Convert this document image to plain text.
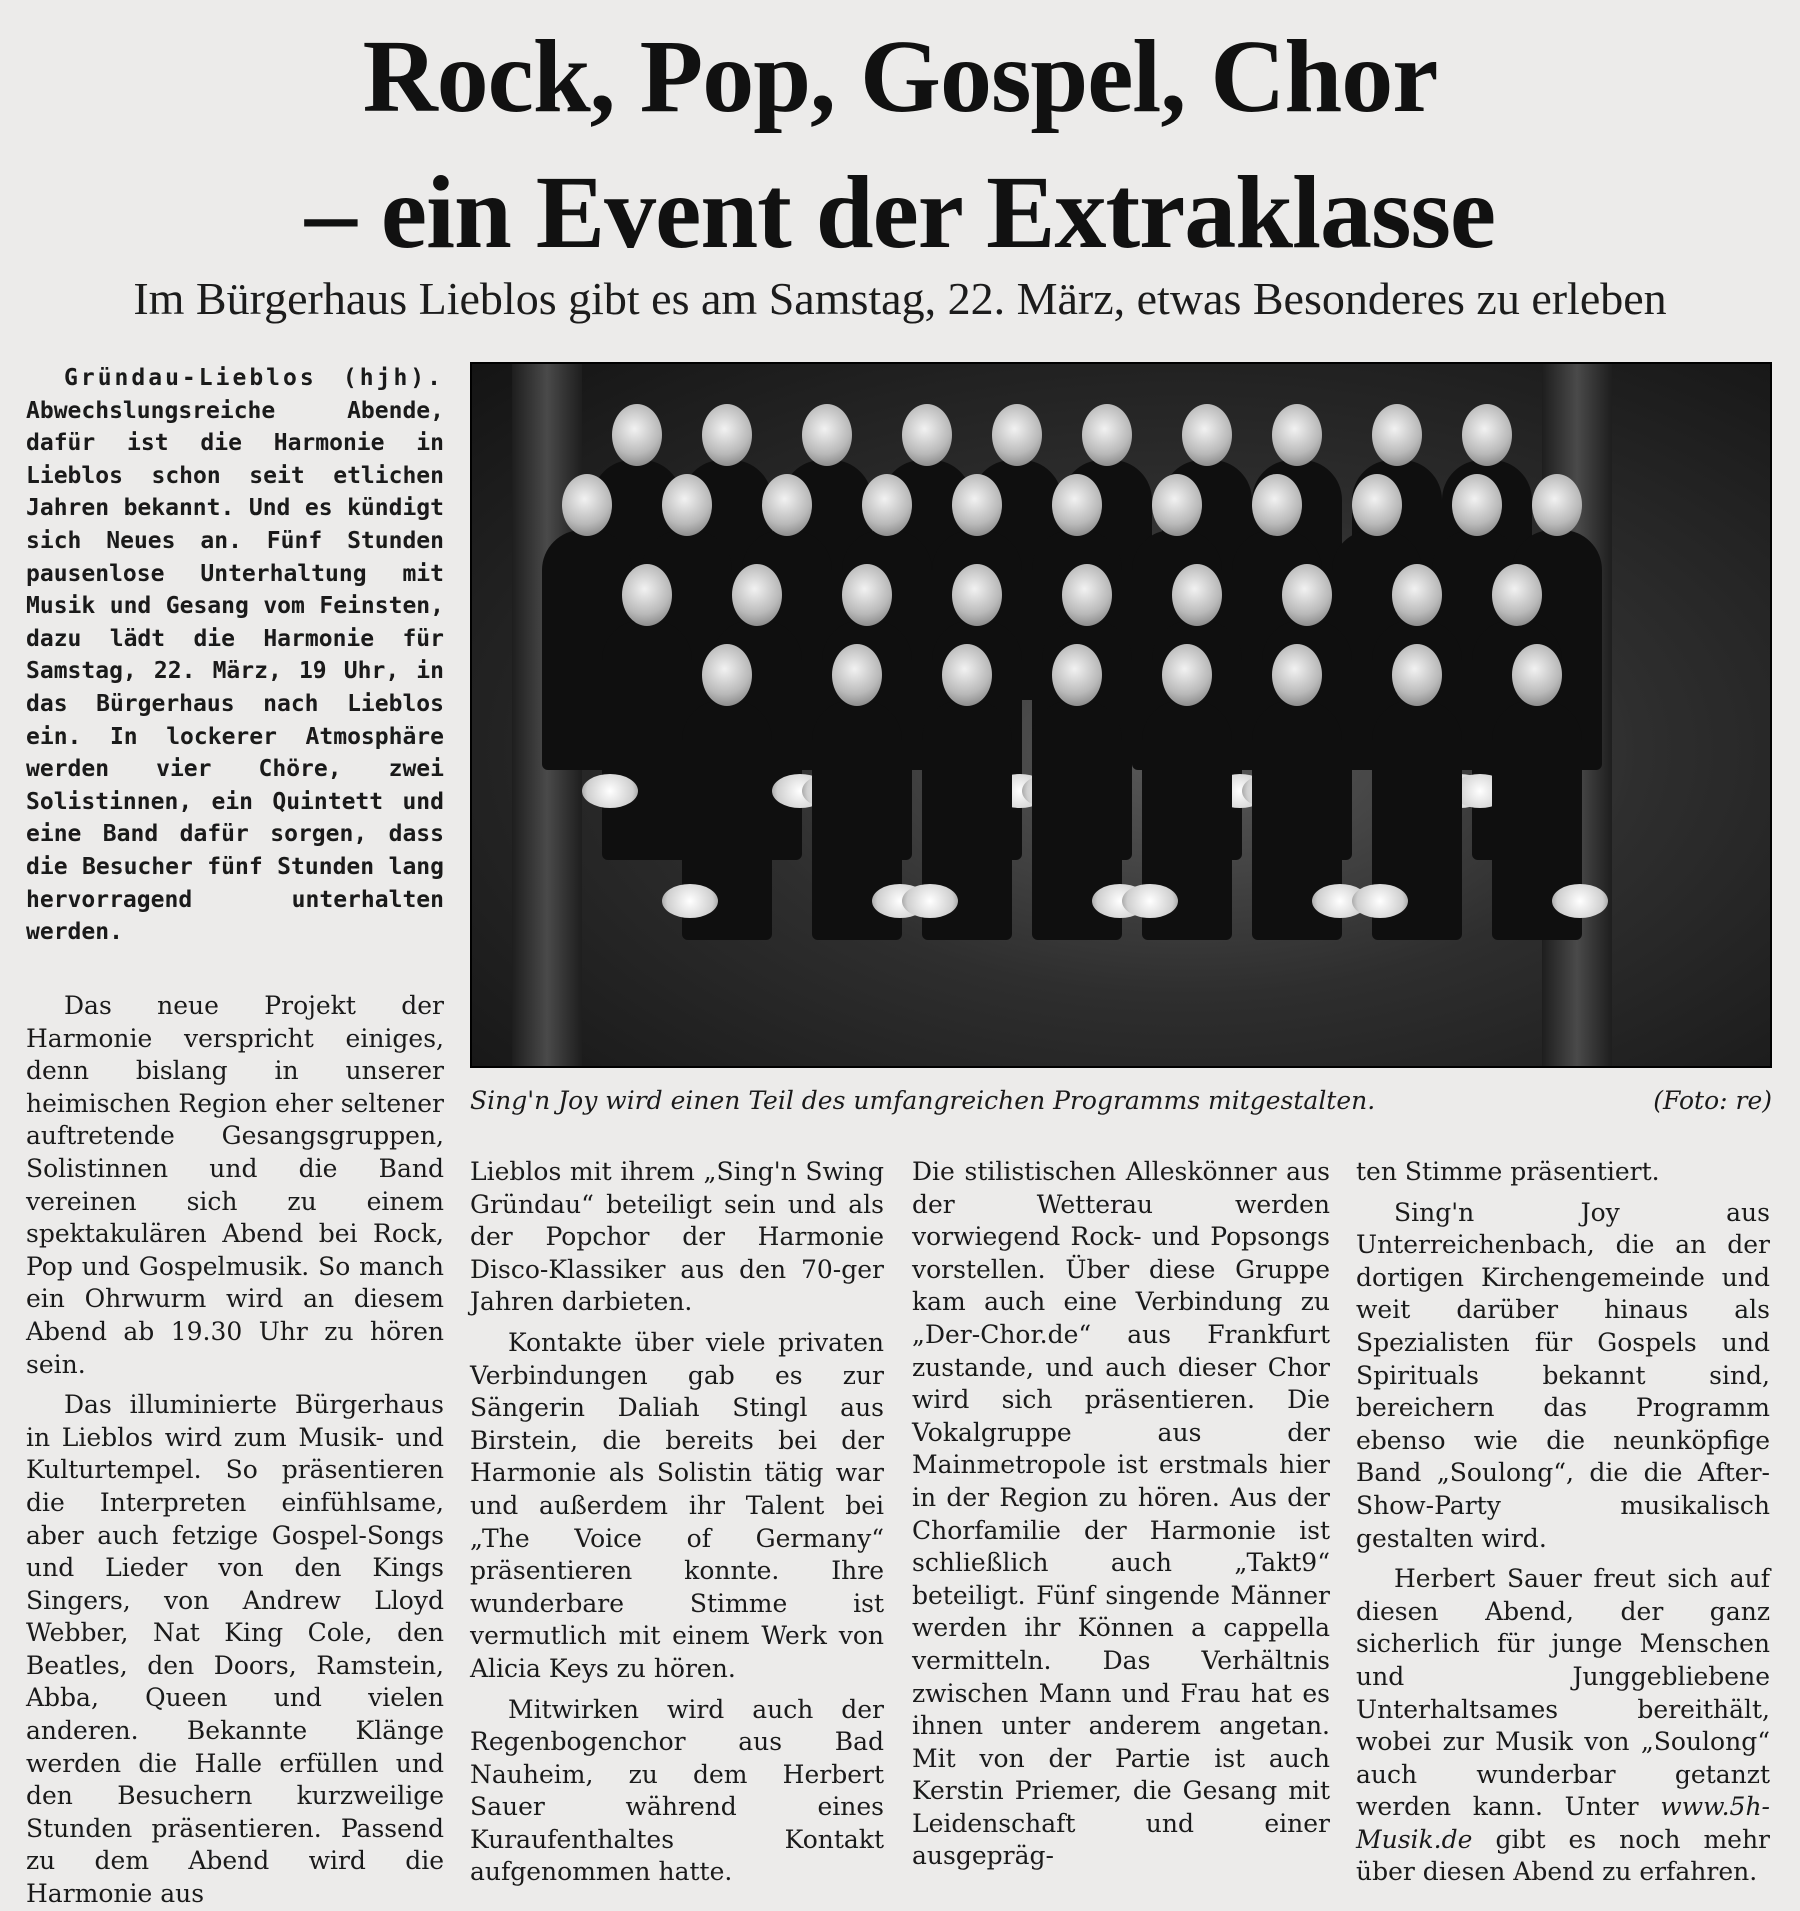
Rock, Pop, Gospel, Chor
– ein Event der Extraklasse
Im Bürgerhaus Lieblos gibt es am Samstag, 22. März, etwas Besonderes zu erleben

Gründau-Lieblos (hjh). Abwechslungsreiche Abende, dafür ist die Harmonie in Lieblos schon seit etlichen Jahren bekannt. Und es kündigt sich Neues an. Fünf Stunden pausenlose Unterhaltung mit Musik und Gesang vom Feinsten, dazu lädt die Harmonie für Samstag, 22. März, 19 Uhr, in das Bürgerhaus nach Lieblos ein. In lockerer Atmosphäre werden vier Chöre, zwei Solistinnen, ein Quintett und eine Band dafür sorgen, dass die Besucher fünf Stunden lang hervorragend unterhalten werden.

Sing'n Joy wird einen Teil des umfangreichen Programms mitgestalten.	(Foto: re)

Das neue Projekt der Harmonie verspricht einiges, denn bislang in unserer heimischen Region eher seltener auftretende Gesangsgruppen, Solistinnen und die Band vereinen sich zu einem spektakulären Abend bei Rock, Pop und Gospelmusik. So manch ein Ohrwurm wird an diesem Abend ab 19.30 Uhr zu hören sein.

Das illuminierte Bürgerhaus in Lieblos wird zum Musik- und Kulturtempel. So präsentieren die Interpreten einfühlsame, aber auch fetzige Gospel-Songs und Lieder von den Kings Singers, von Andrew Lloyd Webber, Nat King Cole, den Beatles, den Doors, Ramstein, Abba, Queen und vielen anderen. Bekannte Klänge werden die Halle erfüllen und den Besuchern kurzweilige Stunden präsentieren. Passend zu dem Abend wird die Harmonie aus

Lieblos mit ihrem „Sing'n Swing Gründau“ beteiligt sein und als der Popchor der Harmonie Disco-Klassiker aus den 70-ger Jahren darbieten.

Kontakte über viele privaten Verbindungen gab es zur Sängerin Daliah Stingl aus Birstein, die bereits bei der Harmonie als Solistin tätig war und außerdem ihr Talent bei „The Voice of Germany“ präsentieren konnte. Ihre wunderbare Stimme ist vermutlich mit einem Werk von Alicia Keys zu hören.

Mitwirken wird auch der Regenbogenchor aus Bad Nauheim, zu dem Herbert Sauer während eines Kuraufenthaltes Kontakt aufgenommen hatte.

Die stilistischen Alleskönner aus der Wetterau werden vorwiegend Rock- und Popsongs vorstellen. Über diese Gruppe kam auch eine Verbindung zu „Der-Chor.de“ aus Frankfurt zustande, und auch dieser Chor wird sich präsentieren. Die Vokalgruppe aus der Mainmetropole ist erstmals hier in der Region zu hören. Aus der Chorfamilie der Harmonie ist schließlich auch „Takt9“ beteiligt. Fünf singende Männer werden ihr Können a cappella vermitteln. Das Verhältnis zwischen Mann und Frau hat es ihnen unter anderem angetan. Mit von der Partie ist auch Kerstin Priemer, die Gesang mit Leidenschaft und einer ausgepräg-

ten Stimme präsentiert.

Sing'n Joy aus Unterreichenbach, die an der dortigen Kirchengemeinde und weit darüber hinaus als Spezialisten für Gospels und Spirituals bekannt sind, bereichern das Programm ebenso wie die neunköpfige Band „Soulong“, die die After-Show-Party musikalisch gestalten wird.

Herbert Sauer freut sich auf diesen Abend, der ganz sicherlich für junge Menschen und Junggebliebene Unterhaltsames bereithält, wobei zur Musik von „Soulong“ auch wunderbar getanzt werden kann. Unter www.5h-Musik.de gibt es noch mehr über diesen Abend zu erfahren.
